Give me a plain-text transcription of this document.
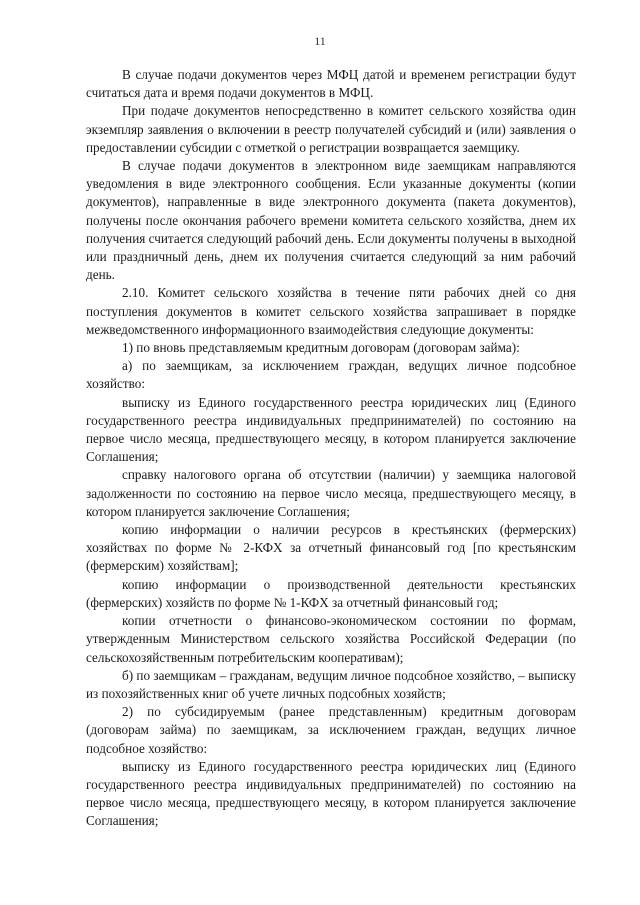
11

В случае подачи документов через МФЦ датой и временем регистрации будут считаться дата и время подачи документов в МФЦ.

При подаче документов непосредственно в комитет сельского хозяйства один экземпляр заявления о включении в реестр получателей субсидий и (или) заявления о предоставлении субсидии с отметкой о регистрации возвращается заемщику.

В случае подачи документов в электронном виде заемщикам направляются уведомления в виде электронного сообщения. Если указанные документы (копии документов), направленные в виде электронного документа (пакета документов), получены после окончания рабочего времени комитета сельского хозяйства, днем их получения считается следующий рабочий день. Если документы получены в выходной или праздничный день, днем их получения считается следующий за ним рабочий день.

2.10. Комитет сельского хозяйства в течение пяти рабочих дней со дня поступления документов в комитет сельского хозяйства запрашивает в порядке межведомственного информационного взаимодействия следующие документы:

1) по вновь представляемым кредитным договорам (договорам займа):

а) по заемщикам, за исключением граждан, ведущих личное подсобное хозяйство:

выписку из Единого государственного реестра юридических лиц (Единого государственного реестра индивидуальных предпринимателей) по состоянию на первое число месяца, предшествующего месяцу, в котором планируется заключение Соглашения;

справку налогового органа об отсутствии (наличии) у заемщика налоговой задолженности по состоянию на первое число месяца, предшествующего месяцу, в котором планируется заключение Соглашения;

копию информации о наличии ресурсов в крестьянских (фермерских) хозяйствах по форме № 2-КФХ за отчетный финансовый год [по крестьянским (фермерским) хозяйствам];

копию информации о производственной деятельности крестьянских (фермерских) хозяйств по форме № 1-КФХ за отчетный финансовый год;

копии отчетности о финансово-экономическом состоянии по формам, утвержденным Министерством сельского хозяйства Российской Федерации (по сельскохозяйственным потребительским кооперативам);

б) по заемщикам – гражданам, ведущим личное подсобное хозяйство, – выписку из похозяйственных книг об учете личных подсобных хозяйств;

2) по субсидируемым (ранее представленным) кредитным договорам (договорам займа) по заемщикам, за исключением граждан, ведущих личное подсобное хозяйство:

выписку из Единого государственного реестра юридических лиц (Единого государственного реестра индивидуальных предпринимателей) по состоянию на первое число месяца, предшествующего месяцу, в котором планируется заключение Соглашения;
